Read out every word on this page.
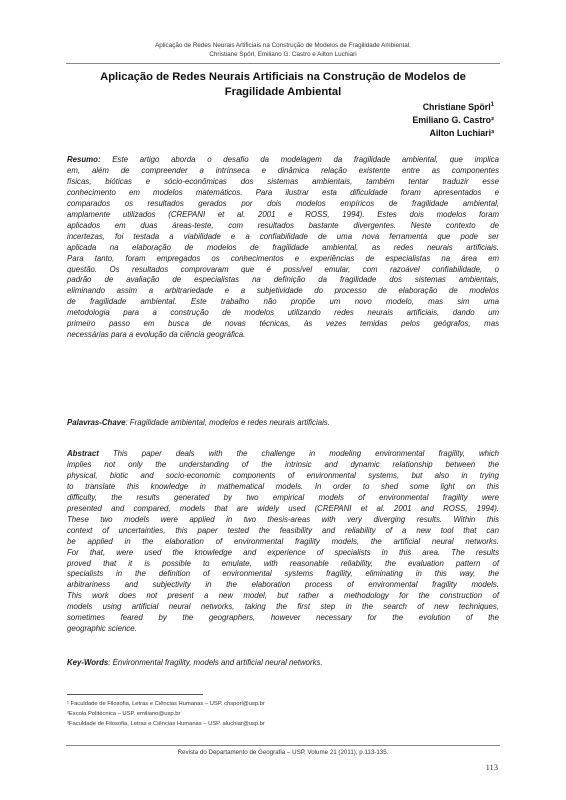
Aplicação de Redes Neurais Artificiais na Construção de Modelos de Fragilidade Ambiental.
Christiane Spörl, Emiliano G. Castro e Ailton Luchiari
Aplicação de Redes Neurais Artificiais na Construção de Modelos de
Fragilidade Ambiental
Christiane Spörl$^1$
Emiliano G. Castro²
Ailton Luchiari³
Resumo: Este artigo aborda o desafio da modelagem da fragilidade ambiental, que implica
em, além de compreender a intrínseca e dinâmica relação existente entre as componentes
físicas, bióticas e sócio-econômicas dos sistemas ambientais, também tentar traduzir esse
conhecimento em modelos matemáticos. Para ilustrar esta dificuldade foram apresentados e
comparados os resultados gerados por dois modelos empíricos de fragilidade ambiental,
amplamente utilizados (CREPANI et al. 2001 e ROSS, 1994). Estes dois modelos foram
aplicados em duas áreas-teste, com resultados bastante divergentes. Neste contexto de
incertezas, foi testada a viabilidade e a confiabilidade de uma nova ferramenta que pode ser
aplicada na elaboração de modelos de fragilidade ambiental, as redes neurais artificiais.
Para tanto, foram empregados os conhecimentos e experiências de especialistas na área em
questão. Os resultados comprovaram que é possível emular, com razoável confiabilidade, o
padrão de avaliação de especialistas na definição da fragilidade dos sistemas ambientais,
eliminando assim a arbitrariedade e a subjetividade do processo de elaboração de modelos
de fragilidade ambiental. Este trabalho não propõe um novo modelo, mas sim uma
metodologia para a construção de modelos utilizando redes neurais artificiais, dando um
primeiro passo em busca de novas técnicas, às vezes temidas pelos geógrafos, mas
necessárias para a evolução da ciência geográfica.
Palavras-Chave: Fragilidade ambiental, modelos e redes neurais artificiais.
Abstract This paper deals with the challenge in modeling environmental fragility, which
implies not only the understanding of the intrinsic and dynamic relationship between the
physical, biotic and socio-economic components of environmental systems, but also in trying
to translate this knowledge in mathematical models. In order to shed some light on this
difficulty, the results generated by two empirical models of environmental fragility were
presented and compared, models that are widely used (CREPANI et al. 2001 and ROSS, 1994).
These two models were applied in two thesis-areas with very diverging results. Within this
context of uncertainties, this paper tested the feasibility and reliability of a new tool that can
be applied in the elaboration of environmental fragility models, the artificial neural networks.
For that, were used the knowledge and experience of specialists in this area. The results
proved that it is possible to emulate, with reasonable reliability, the evaluation pattern of
specialists in the definition of environmental systems fragility, eliminating in this way, the
arbitrariness and subjectivity in the elaboration process of environmental fragility models.
This work does not present a new model, but rather a methodology for the construction of
models using artificial neural networks, taking the first step in the search of new techniques,
sometimes feared by the geographers, however necessary for the evolution of the
geographic science.
Key-Words: Environmental fragility, models and artificial neural networks.
¹ Faculdade de Filosofia, Letras e Ciências Humanas – USP. chsporl@usp.br
²Escola Politécnica – USP. emiliano@usp.br
³Faculdade de Filosofia, Letras e Ciências Humanas – USP. aluchiar@usp.br
Revista do Departamento de Geografia – USP, Volume 21 (2011), p.113-135.
113
